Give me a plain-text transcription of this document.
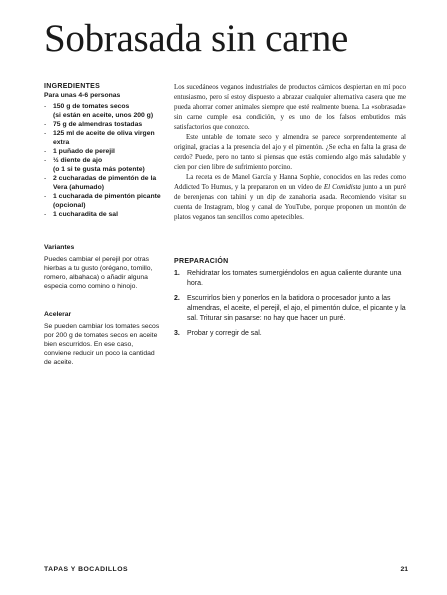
Sobrasada sin carne

INGREDIENTES

Para unas 4-6 personas

- 150 g de tomates secos
(si están en aceite, unos 200 g)
- 75 g de almendras tostadas
- 125 ml de aceite de oliva virgen extra
- 1 puñado de perejil
- ½ diente de ajo
(o 1 si te gusta más potente)
- 2 cucharadas de pimentón de la Vera (ahumado)
- 1 cucharada de pimentón picante (opcional)
- 1 cucharadita de sal

Variantes

Puedes cambiar el perejil por otras hierbas a tu gusto (orégano, tomillo, romero, albahaca) o añadir alguna especia como comino o hinojo.

Acelerar

Se pueden cambiar los tomates secos por 200 g de tomates secos en aceite bien escurridos. En ese caso, conviene reducir un poco la cantidad de aceite.

Los sucedáneos veganos industriales de productos cárnicos despiertan en mí poco entusiasmo, pero sí estoy dispuesto a abrazar cualquier alternativa casera que me pueda ahorrar comer animales siempre que esté realmente buena. La «sobrasada» sin carne cumple esa condición, y es uno de los falsos embutidos más satisfactorios que conozco.

Este untable de tomate seco y almendra se parece sorprendentemente al original, gracias a la presencia del ajo y el pimentón. ¿Se echa en falta la grasa de cerdo? Puede, pero no tanto si piensas que estás comiendo algo más saludable y cien por cien libre de sufrimiento porcino.

La receta es de Manel García y Hanna Sophie, conocidos en las redes como Addicted To Humus, y la prepararon en un vídeo de El Comidista junto a un puré de berenjenas con tahini y un dip de zanahoria asada. Recomiendo visitar su cuenta de Instagram, blog y canal de YouTube, porque proponen un montón de platos veganos tan sencillos como apetecibles.

PREPARACIÓN

1. Rehidratar los tomates sumergiéndolos en agua caliente durante una hora.
2. Escurrirlos bien y ponerlos en la batidora o procesador junto a las almendras, el aceite, el perejil, el ajo, el pimentón dulce, el picante y la sal. Triturar sin pasarse: no hay que hacer un puré.
3. Probar y corregir de sal.
TAPAS Y BOCADILLOS	21
